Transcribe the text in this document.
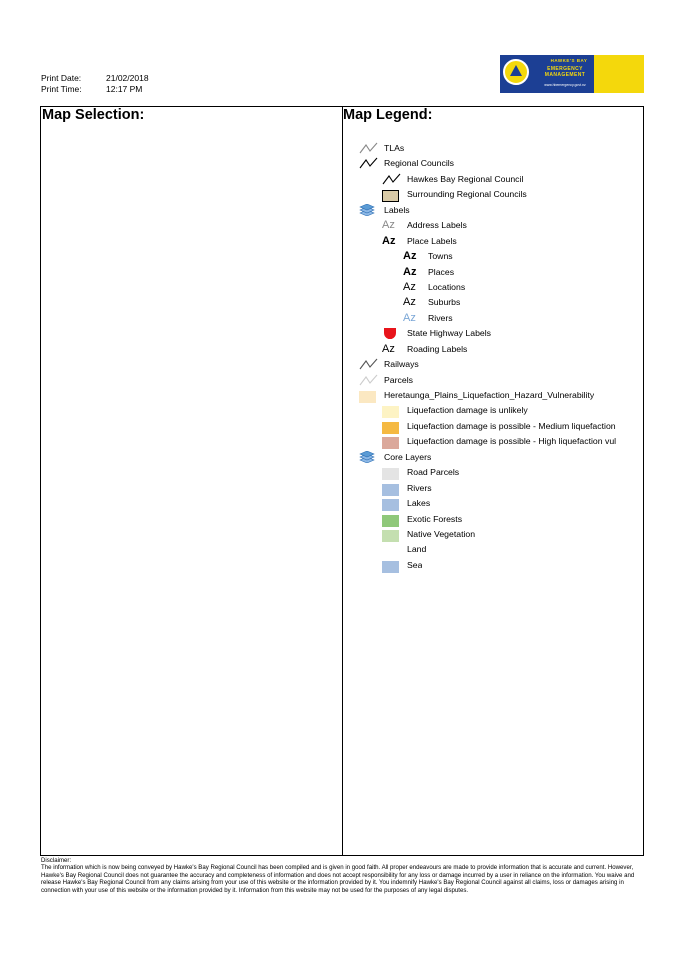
Print Date:	21/02/2018
Print Time:	12:17 PM
HAWKE'S BAY
EMERGENCY MANAGEMENT
www.hbemergency.govt.nz
Map Selection:	Map Legend:
TLAs
Regional Councils
Hawkes Bay Regional Council
Surrounding Regional Councils
Labels
Az Address Labels
Az Place Labels
Az Towns
Az Places
Az Locations
Az Suburbs
Az Rivers
State Highway Labels
Az Roading Labels
Railways
Parcels
Heretaunga_Plains_Liquefaction_Hazard_Vulnerability
Liquefaction damage is unlikely
Liquefaction damage is possible - Medium liquefaction
Liquefaction damage is possible - High liquefaction vul
Core Layers
Road Parcels
Rivers
Lakes
Exotic Forests
Native Vegetation
Land
Sea
Disclaimer:
The information which is now being conveyed by Hawke's Bay Regional Council has been compiled and is given in good faith. All proper endeavours are made to provide information that is accurate and current. However, Hawke's Bay Regional Council does not guarantee the accuracy and completeness of information and does not accept responsibility for any loss or damage incurred by a user in reliance on the information. You waive and release Hawke's Bay Regional Council from any claims arising from your use of this website or the information provided by it. You indemnify Hawke's Bay Regional Council against all claims, loss or damages arising in connection with your use of this website or the information provided by it. Information from this website may not be used for the purposes of any legal disputes.
